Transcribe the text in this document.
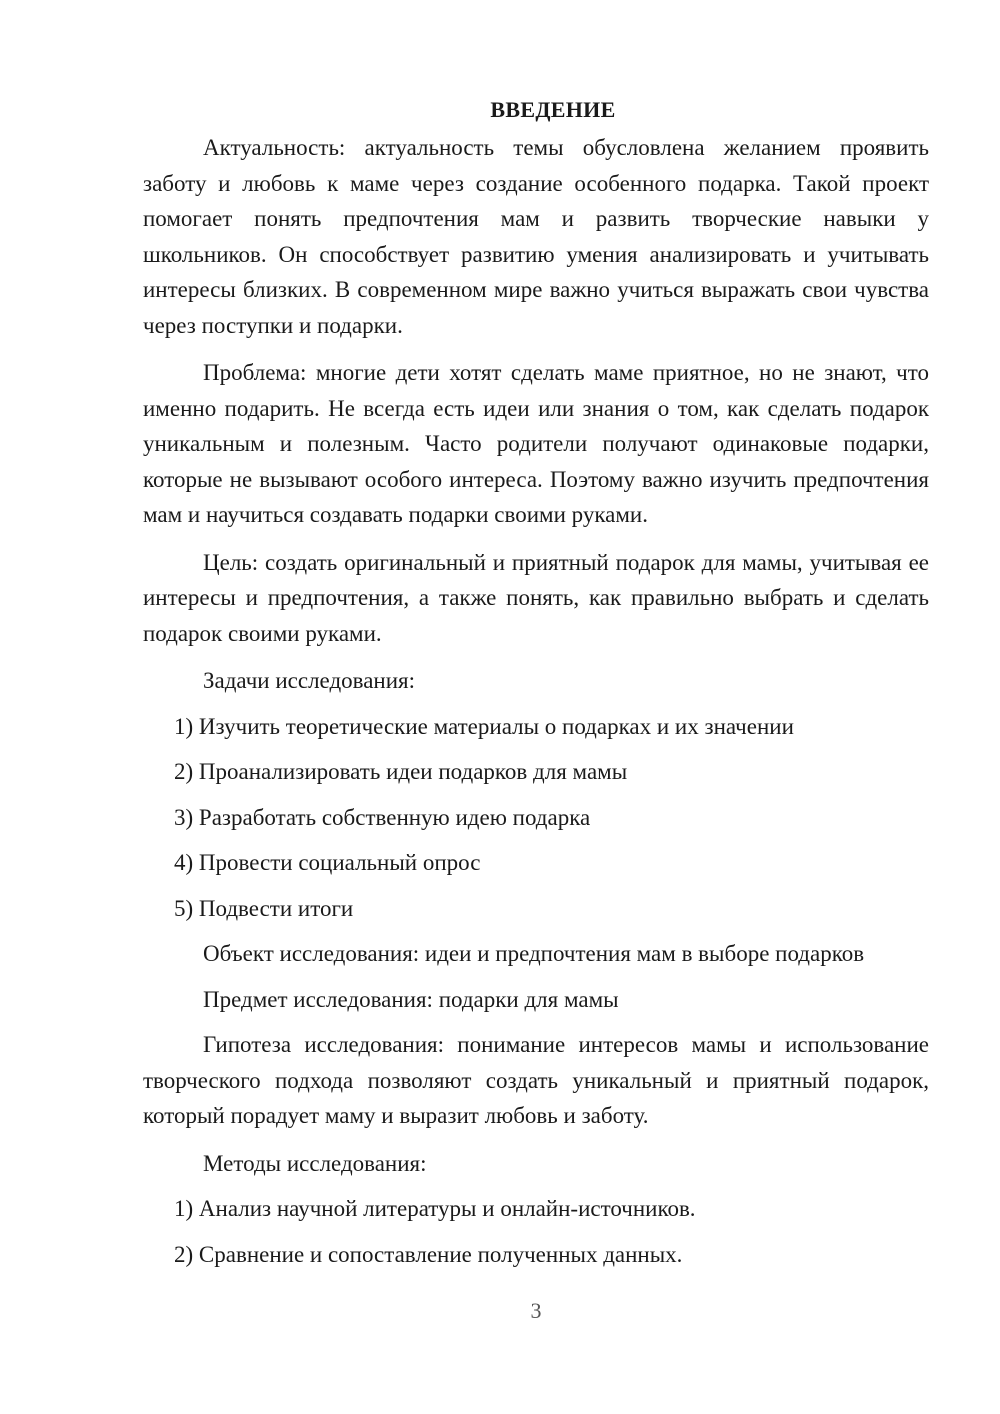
ВВЕДЕНИЕ

Актуальность: актуальность темы обусловлена желанием проявить заботу и любовь к маме через создание особенного подарка. Такой проект помогает понять предпочтения мам и развить творческие навыки у школьников. Он способствует развитию умения анализировать и учитывать интересы близких. В современном мире важно учиться выражать свои чувства через поступки и подарки.

Проблема: многие дети хотят сделать маме приятное, но не знают, что именно подарить. Не всегда есть идеи или знания о том, как сделать подарок уникальным и полезным. Часто родители получают одинаковые подарки, которые не вызывают особого интереса. Поэтому важно изучить предпочтения мам и научиться создавать подарки своими руками.

Цель: создать оригинальный и приятный подарок для мамы, учитывая ее интересы и предпочтения, а также понять, как правильно выбрать и сделать подарок своими руками.

Задачи исследования:

1) Изучить теоретические материалы о подарках и их значении

2) Проанализировать идеи подарков для мамы

3) Разработать собственную идею подарка

4) Провести социальный опрос

5) Подвести итоги

Объект исследования: идеи и предпочтения мам в выборе подарков

Предмет исследования: подарки для мамы

Гипотеза исследования: понимание интересов мамы и использование творческого подхода позволяют создать уникальный и приятный подарок, который порадует маму и выразит любовь и заботу.

Методы исследования:

1) Анализ научной литературы и онлайн-источников.

2) Сравнение и сопоставление полученных данных.

3
